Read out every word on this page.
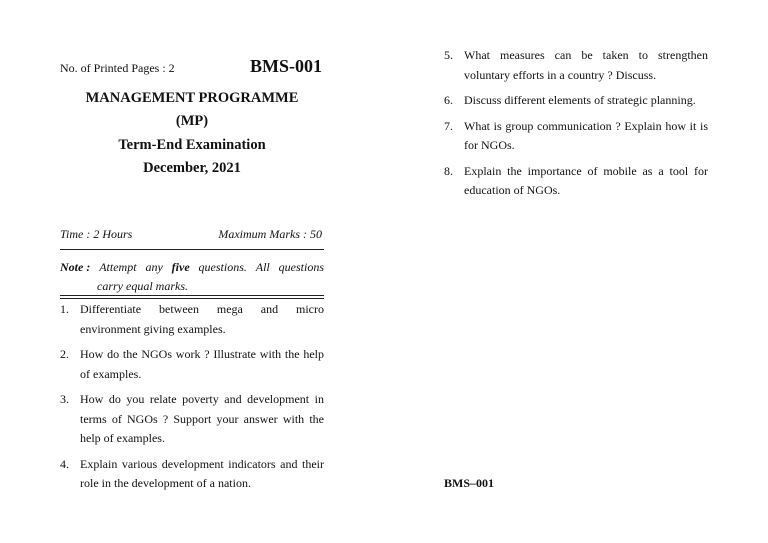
No. of Printed Pages : 2	BMS-001
MANAGEMENT PROGRAMME
(MP)
Term-End Examination
December, 2021
Time : 2 Hours	Maximum Marks : 50
Note : Attempt any five questions. All questions
carry equal marks.
1. Differentiate between mega and micro environment giving examples.
2. How do the NGOs work ? Illustrate with the help of examples.
3. How do you relate poverty and development in terms of NGOs ? Support your answer with the help of examples.
4. Explain various development indicators and their role in the development of a nation.
5. What measures can be taken to strengthen voluntary efforts in a country ? Discuss.
6. Discuss different elements of strategic planning.
7. What is group communication ? Explain how it is for NGOs.
8. Explain the importance of mobile as a tool for education of NGOs.
BMS–001
